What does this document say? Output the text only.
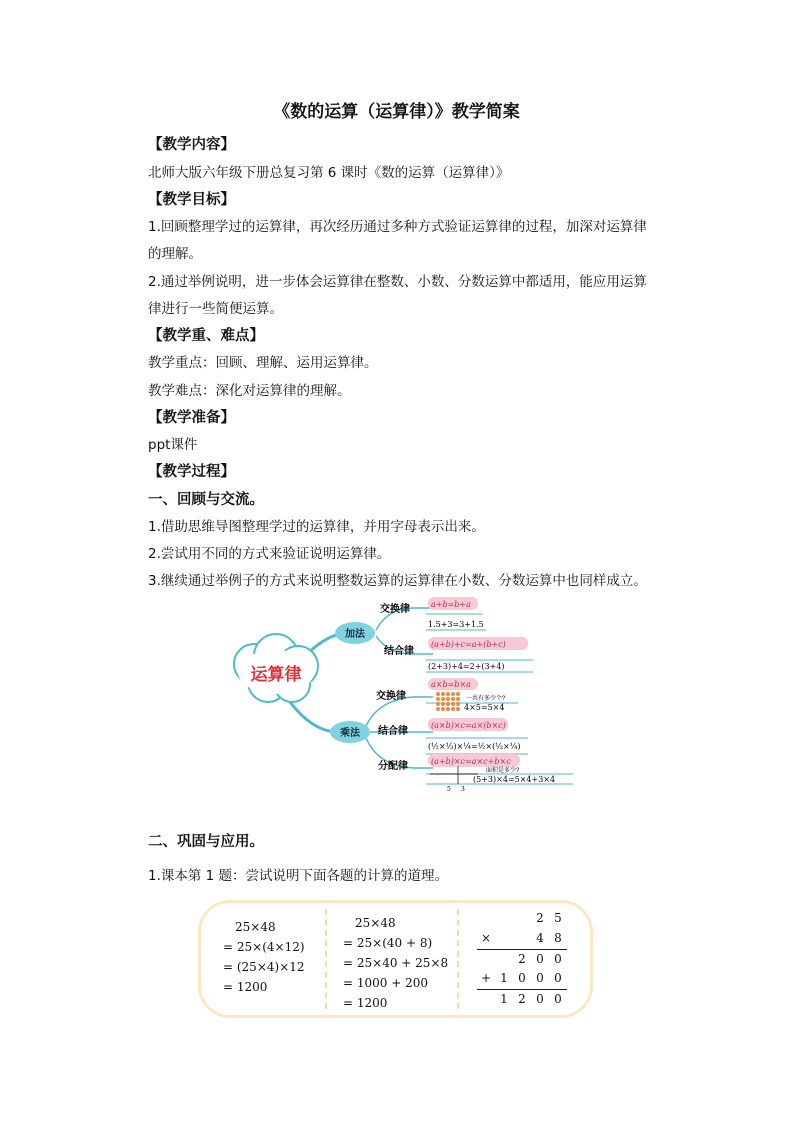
《数的运算（运算律）》教学简案
【教学内容】
北师大版六年级下册总复习第 6 课时《数的运算（运算律）》
【教学目标】
1.回顾整理学过的运算律，再次经历通过多种方式验证运算律的过程，加深对运算律
的理解。
2.通过举例说明，进一步体会运算律在整数、小数、分数运算中都适用，能应用运算
律进行一些简便运算。
【教学重、难点】
教学重点：回顾、理解、运用运算律。
教学难点：深化对运算律的理解。
【教学准备】
ppt课件
【教学过程】
一、回顾与交流。
1.借助思维导图整理学过的运算律，并用字母表示出来。
2.尝试用不同的方式来验证说明运算律。
3.继续通过举例子的方式来说明整数运算的运算律在小数、分数运算中也同样成立。
运算律
加法
乘法
交换律
结合律
交换律
结合律
分配律
a+b=b+a
1.5+3=3+1.5
(a+b)+c=a+(b+c)
(2+3)+4=2+(3+4)
a×b=b×a
一共有多少个?
4×5=5×4
(a×b)×c=a×(b×c)
(½×⅓)×¼=½×(⅓×¼)
(a+b)×c=a×c+b×c
面积是多少?
(5+3)×4=5×4+3×4
5 3
二、巩固与应用。
1.课本第 1 题：尝试说明下面各题的计算的道理。
25×48
= 25×(4×12)
= (25×4)×12
= 1200
25×48
= 25×(40 + 8)
= 25×40 + 25×8
= 1000 + 200
= 1200
2 5
×	4 8
2 0 0
+ 1 0 0 0
1 2 0 0
